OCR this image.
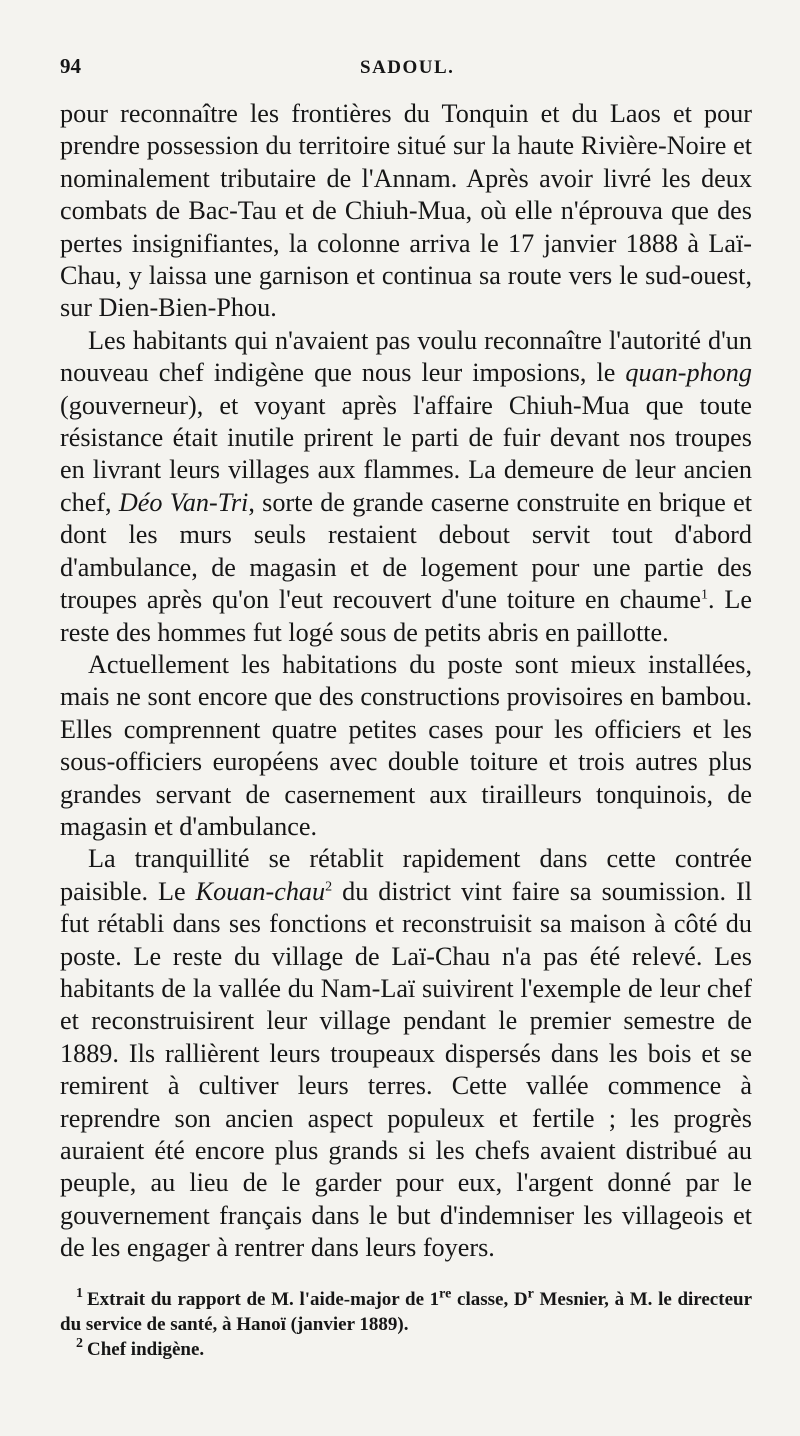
94	SADOUL.

pour reconnaître les frontières du Tonquin et du Laos et pour prendre possession du territoire situé sur la haute Rivière-Noire et nominalement tributaire de l'Annam. Après avoir livré les deux combats de Bac-Tau et de Chiuh-Mua, où elle n'éprouva que des pertes insignifiantes, la colonne arriva le 17 janvier 1888 à Laï-Chau, y laissa une garnison et continua sa route vers le sud-ouest, sur Dien-Bien-Phou.

Les habitants qui n'avaient pas voulu reconnaître l'autorité d'un nouveau chef indigène que nous leur imposions, le quan-phong (gouverneur), et voyant après l'affaire Chiuh-Mua que toute résistance était inutile prirent le parti de fuir devant nos troupes en livrant leurs villages aux flammes. La demeure de leur ancien chef, Déo Van-Tri, sorte de grande caserne construite en brique et dont les murs seuls restaient debout servit tout d'abord d'ambulance, de magasin et de logement pour une partie des troupes après qu'on l'eut recouvert d'une toiture en chaume$^1$. Le reste des hommes fut logé sous de petits abris en paillotte.

Actuellement les habitations du poste sont mieux installées, mais ne sont encore que des constructions provisoires en bambou. Elles comprennent quatre petites cases pour les officiers et les sous-officiers européens avec double toiture et trois autres plus grandes servant de casernement aux tirailleurs tonquinois, de magasin et d'ambulance.

La tranquillité se rétablit rapidement dans cette contrée paisible. Le Kouan-chau$^2$ du district vint faire sa soumission. Il fut rétabli dans ses fonctions et reconstruisit sa maison à côté du poste. Le reste du village de Laï-Chau n'a pas été relevé. Les habitants de la vallée du Nam-Laï suivirent l'exemple de leur chef et reconstruisirent leur village pendant le premier semestre de 1889. Ils rallièrent leurs troupeaux dispersés dans les bois et se remirent à cultiver leurs terres. Cette vallée commence à reprendre son ancien aspect populeux et fertile ; les progrès auraient été encore plus grands si les chefs avaient distribué au peuple, au lieu de le garder pour eux, l'argent donné par le gouvernement français dans le but d'indemniser les villageois et de les engager à rentrer dans leurs foyers.

$^1$ Extrait du rapport de M. l'aide-major de 1re classe, $D^r$ Mesnier, à M. le directeur du service de santé, à Hanoï (janvier 1889).
$^2$ Chef indigène.
